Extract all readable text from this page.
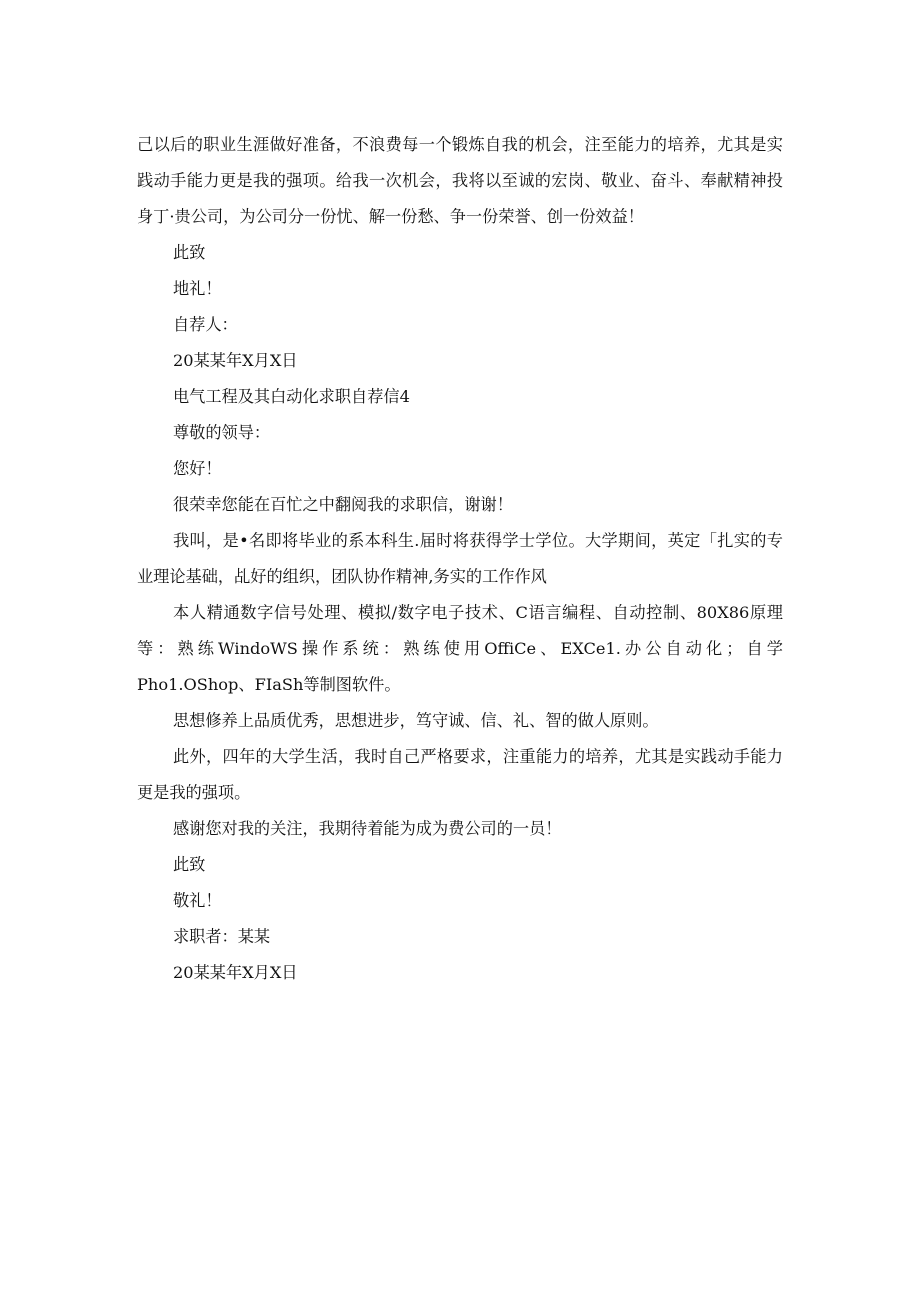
己以后的职业生涯做好准备，不浪费每一个锻炼自我的机会，注至能力的培养，尤其是实践动手能力更是我的强项。给我一次机会，我将以至诚的宏岗、敬业、奋斗、奉献精神投身丁·贵公司，为公司分一份忧、解一份愁、争一份荣誉、创一份效益！

此致

地礼！

自荐人：

20某某年X月X日

电气工程及其白动化求职自荐信4

尊敬的领导：

您好！

很荣幸您能在百忙之中翻阅我的求职信，谢谢！

我叫，是•名即将毕业的系本科生.届时将获得学士学位。大学期间，英定「扎实的专业理论基础，乩好的组织，团队协作精神,务实的工作作风

本人精通数字信号处理、模拟/数字电子技术、C语言编程、自动控制、80X86原理等：熟练WindoWS操作系统：熟练使用OffiCe、EXCe1.办公自动化；自学Pho1.OShop、FIaSh等制图软件。

思想修养上品质优秀，思想进步，笃守诚、信、礼、智的做人原则。

此外，四年的大学生活，我时自己严格要求，注重能力的培养，尤其是实践动手能力更是我的强项。

感谢您对我的关注，我期待着能为成为费公司的一员！

此致

敬礼！

求职者：某某

20某某年X月X日
